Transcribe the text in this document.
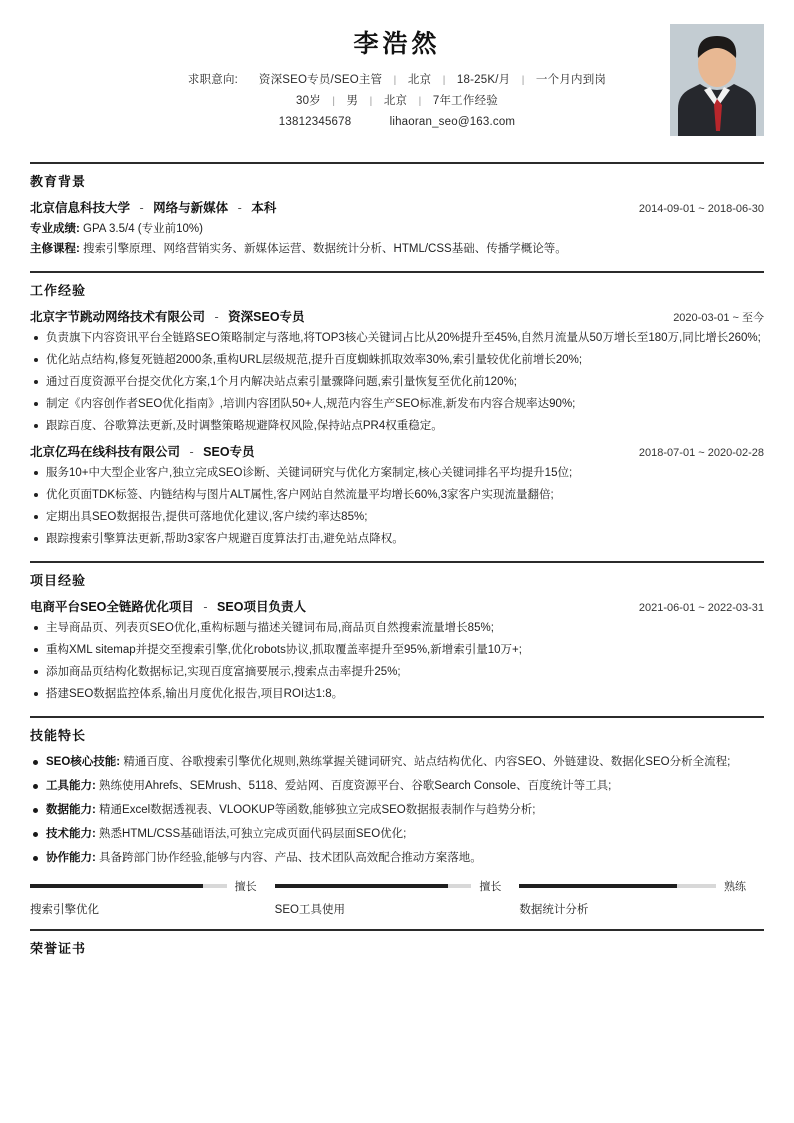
李浩然
求职意向: 资深SEO专员/SEO主管 | 北京 | 18-25K/月 | 一个月内到岗
30岁 | 男 | 北京 | 7年工作经验
13812345678	lihaoran_seo@163.com
教育背景
北京信息科技大学 - 网络与新媒体 - 本科	2014-09-01 ~ 2018-06-30
专业成绩: GPA 3.5/4 (专业前10%)
主修课程: 搜索引擎原理、网络营销实务、新媒体运营、数据统计分析、HTML/CSS基础、传播学概论等。
工作经验
北京字节跳动网络技术有限公司 - 资深SEO专员	2020-03-01 ~ 至今
负责旗下内容资讯平台全链路SEO策略制定与落地,将TOP3核心关键词占比从20%提升至45%,自然月流量从50万增长至180万,同比增长260%;
优化站点结构,修复死链超2000条,重构URL层级规范,提升百度蜘蛛抓取效率30%,索引量较优化前增长20%;
通过百度资源平台提交优化方案,1个月内解决站点索引量骤降问题,索引量恢复至优化前120%;
制定《内容创作者SEO优化指南》,培训内容团队50+人,规范内容生产SEO标准,新发布内容合规率达90%;
跟踪百度、谷歌算法更新,及时调整策略规避降权风险,保持站点PR4权重稳定。
北京亿玛在线科技有限公司 - SEO专员	2018-07-01 ~ 2020-02-28
服务10+中大型企业客户,独立完成SEO诊断、关键词研究与优化方案制定,核心关键词排名平均提升15位;
优化页面TDK标签、内链结构与图片ALT属性,客户网站自然流量平均增长60%,3家客户实现流量翻倍;
定期出具SEO数据报告,提供可落地优化建议,客户续约率达85%;
跟踪搜索引擎算法更新,帮助3家客户规避百度算法打击,避免站点降权。
项目经验
电商平台SEO全链路优化项目 - SEO项目负责人	2021-06-01 ~ 2022-03-31
主导商品页、列表页SEO优化,重构标题与描述关键词布局,商品页自然搜索流量增长85%;
重构XML sitemap并提交至搜索引擎,优化robots协议,抓取覆盖率提升至95%,新增索引量10万+;
添加商品页结构化数据标记,实现百度富摘要展示,搜索点击率提升25%;
搭建SEO数据监控体系,输出月度优化报告,项目ROI达1:8。
技能特长
SEO核心技能: 精通百度、谷歌搜索引擎优化规则,熟练掌握关键词研究、站点结构优化、内容SEO、外链建设、数据化SEO分析全流程;
工具能力: 熟练使用Ahrefs、SEMrush、5118、爱站网、百度资源平台、谷歌Search Console、百度统计等工具;
数据能力: 精通Excel数据透视表、VLOOKUP等函数,能够独立完成SEO数据报表制作与趋势分析;
技术能力: 熟悉HTML/CSS基础语法,可独立完成页面代码层面SEO优化;
协作能力: 具备跨部门协作经验,能够与内容、产品、技术团队高效配合推动方案落地。
擅长
搜索引擎优化
擅长
SEO工具使用
熟练
数据统计分析
荣誉证书
